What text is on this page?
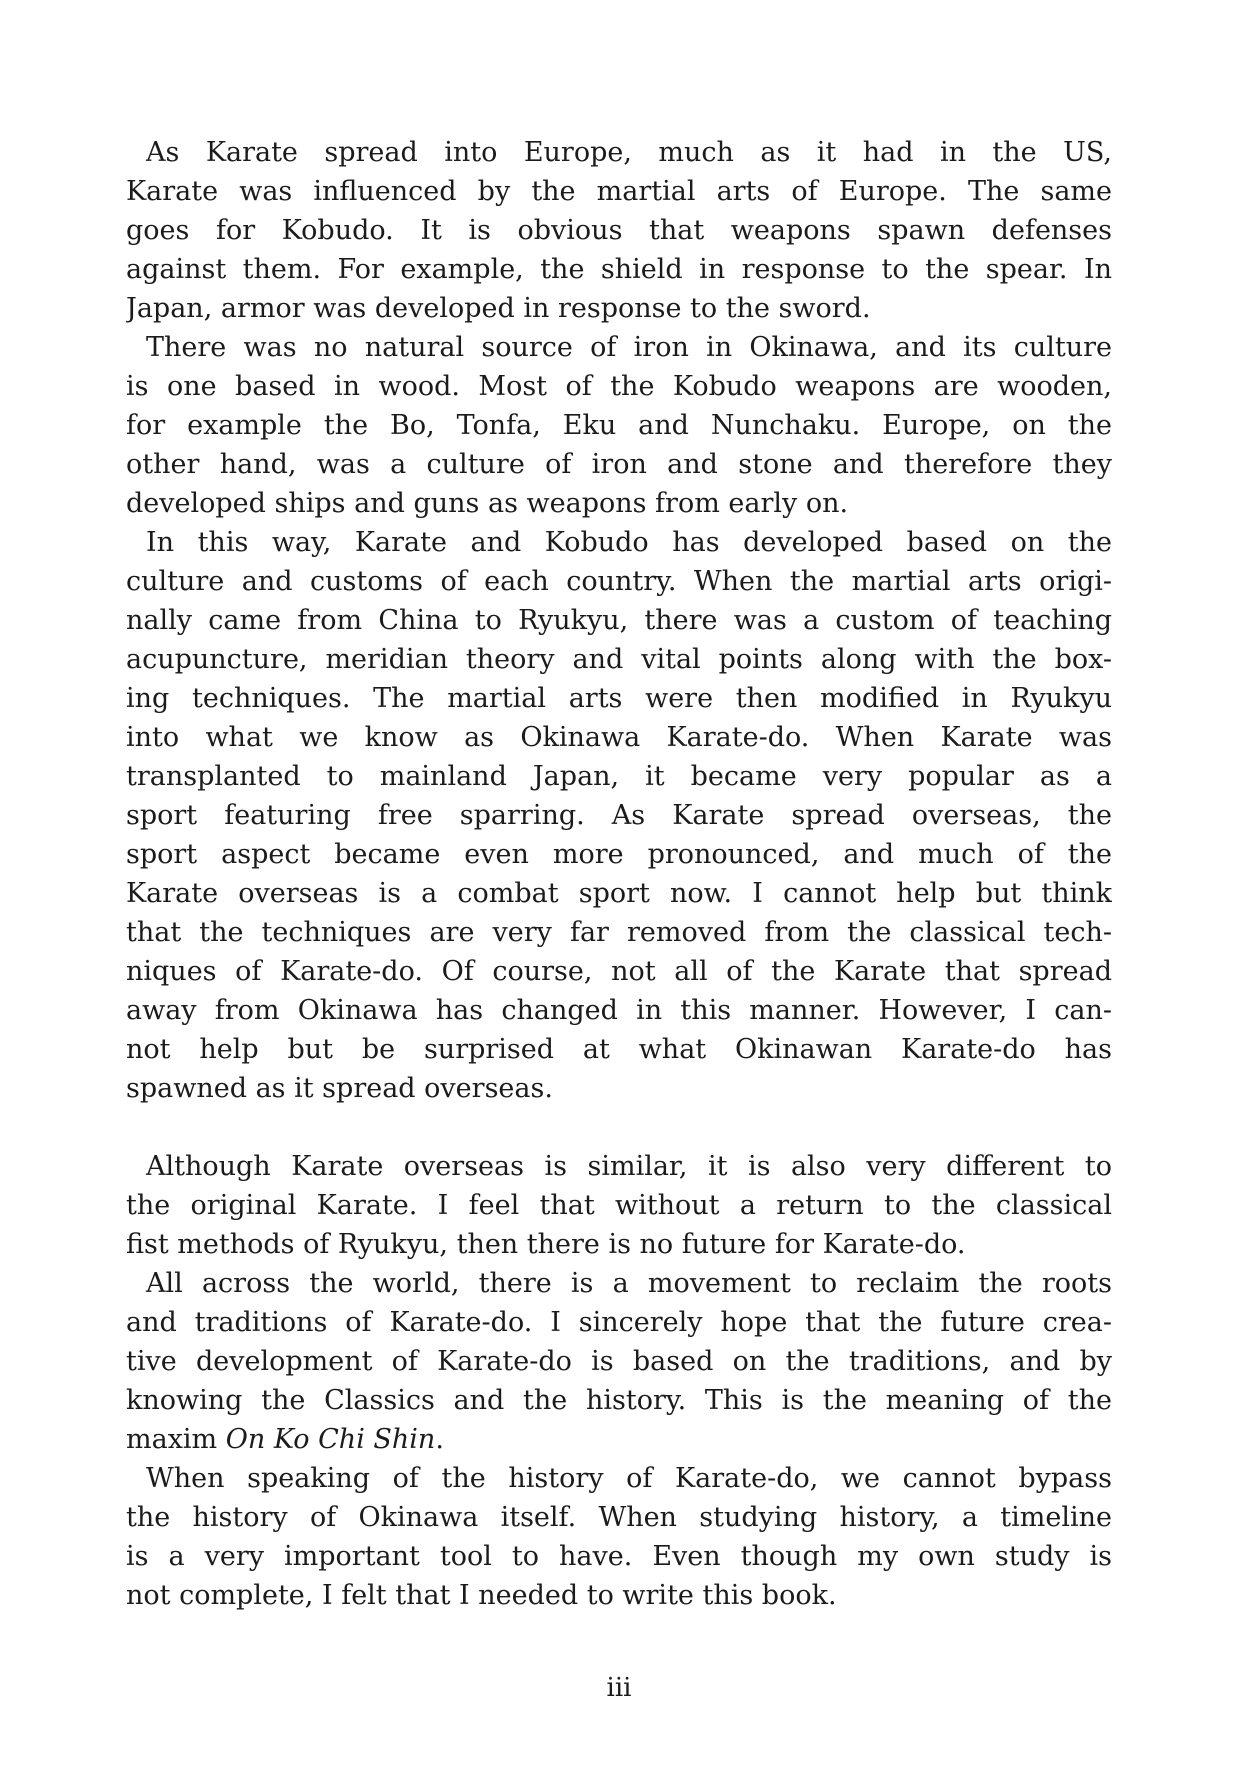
As Karate spread into Europe, much as it had in the US,
Karate was influenced by the martial arts of Europe. The same
goes for Kobudo. It is obvious that weapons spawn defenses
against them. For example, the shield in response to the spear. In
Japan, armor was developed in response to the sword.

There was no natural source of iron in Okinawa, and its culture
is one based in wood. Most of the Kobudo weapons are wooden,
for example the Bo, Tonfa, Eku and Nunchaku. Europe, on the
other hand, was a culture of iron and stone and therefore they
developed ships and guns as weapons from early on.

In this way, Karate and Kobudo has developed based on the
culture and customs of each country. When the martial arts origi-
nally came from China to Ryukyu, there was a custom of teaching
acupuncture, meridian theory and vital points along with the box-
ing techniques. The martial arts were then modified in Ryukyu
into what we know as Okinawa Karate-do. When Karate was
transplanted to mainland Japan, it became very popular as a
sport featuring free sparring. As Karate spread overseas, the
sport aspect became even more pronounced, and much of the
Karate overseas is a combat sport now. I cannot help but think
that the techniques are very far removed from the classical tech-
niques of Karate-do. Of course, not all of the Karate that spread
away from Okinawa has changed in this manner. However, I can-
not help but be surprised at what Okinawan Karate-do has
spawned as it spread overseas.

Although Karate overseas is similar, it is also very different to
the original Karate. I feel that without a return to the classical
fist methods of Ryukyu, then there is no future for Karate-do.

All across the world, there is a movement to reclaim the roots
and traditions of Karate-do. I sincerely hope that the future crea-
tive development of Karate-do is based on the traditions, and by
knowing the Classics and the history. This is the meaning of the
maxim On Ko Chi Shin.

When speaking of the history of Karate-do, we cannot bypass
the history of Okinawa itself. When studying history, a timeline
is a very important tool to have. Even though my own study is
not complete, I felt that I needed to write this book.

iii
